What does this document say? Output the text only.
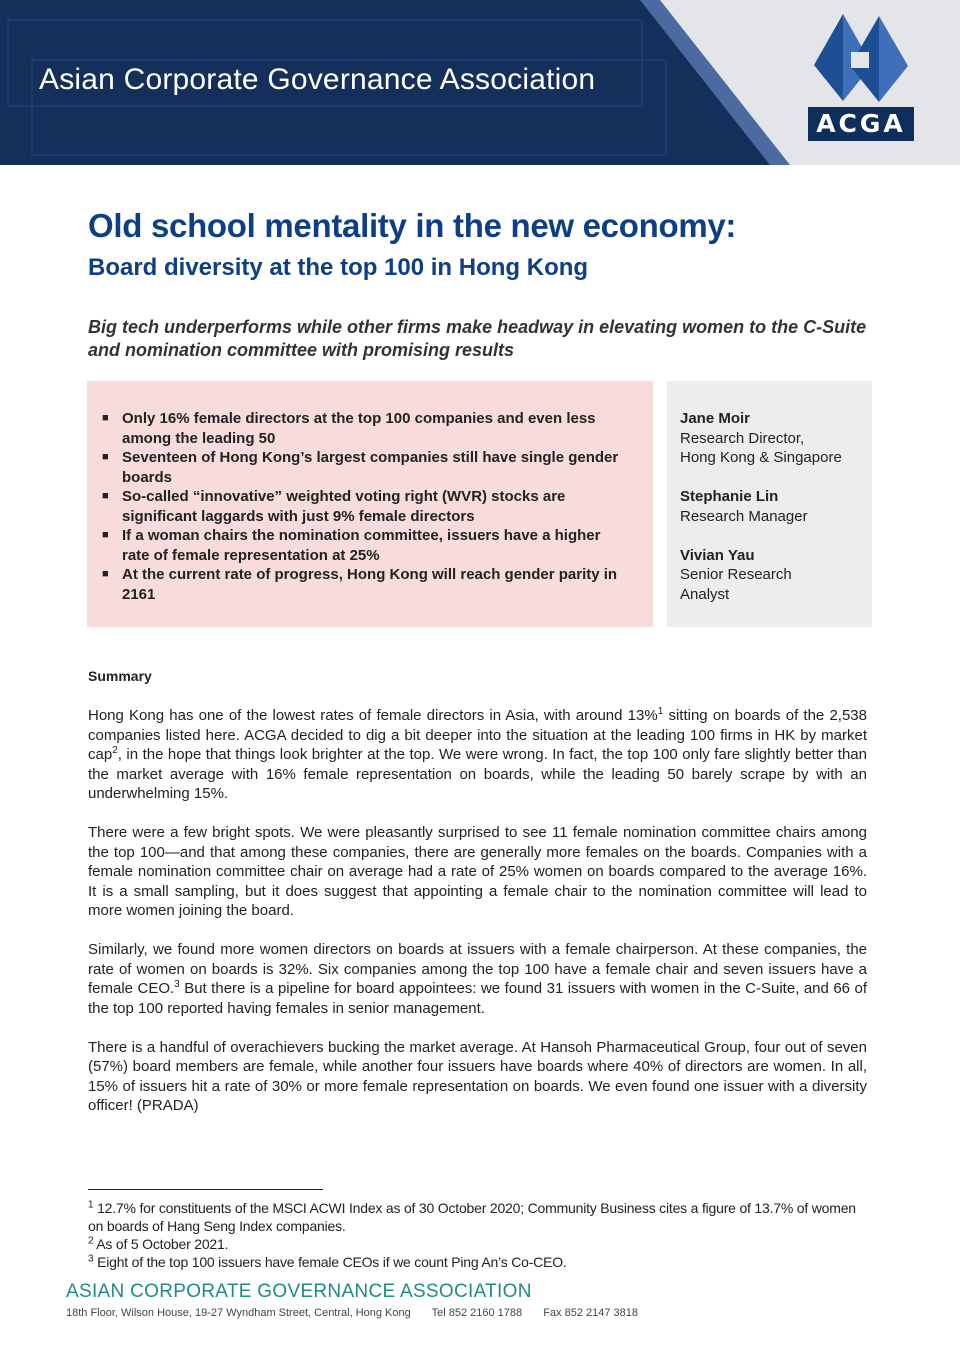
Asian Corporate Governance Association
ACGA
Old school mentality in the new economy:
Board diversity at the top 100 in Hong Kong

Big tech underperforms while other firms make headway in elevating women to the C-Suite and nomination committee with promising results

■ Only 16% female directors at the top 100 companies and even less among the leading 50
■ Seventeen of Hong Kong’s largest companies still have single gender boards
■ So-called “innovative” weighted voting right (WVR) stocks are significant laggards with just 9% female directors
■ If a woman chairs the nomination committee, issuers have a higher rate of female representation at 25%
■ At the current rate of progress, Hong Kong will reach gender parity in 2161
Jane Moir
Research Director,
Hong Kong & Singapore
Stephanie Lin
Research Manager
Vivian Yau
Senior Research
Analyst
Summary

Hong Kong has one of the lowest rates of female directors in Asia, with around 13%$^1$ sitting on boards of the 2,538 companies listed here. ACGA decided to dig a bit deeper into the situation at the leading 100 firms in HK by market cap$^2$, in the hope that things look brighter at the top. We were wrong. In fact, the top 100 only fare slightly better than the market average with 16% female representation on boards, while the leading 50 barely scrape by with an underwhelming 15%.

There were a few bright spots. We were pleasantly surprised to see 11 female nomination committee chairs among the top 100—and that among these companies, there are generally more females on the boards. Companies with a female nomination committee chair on average had a rate of 25% women on boards compared to the average 16%. It is a small sampling, but it does suggest that appointing a female chair to the nomination committee will lead to more women joining the board.

Similarly, we found more women directors on boards at issuers with a female chairperson. At these companies, the rate of women on boards is 32%. Six companies among the top 100 have a female chair and seven issuers have a female CEO.$^3$ But there is a pipeline for board appointees: we found 31 issuers with women in the C-Suite, and 66 of the top 100 reported having females in senior management.

There is a handful of overachievers bucking the market average. At Hansoh Pharmaceutical Group, four out of seven (57%) board members are female, while another four issuers have boards where 40% of directors are women. In all, 15% of issuers hit a rate of 30% or more female representation on boards. We even found one issuer with a diversity officer! (PRADA)

$^1$ 12.7% for constituents of the MSCI ACWI Index as of 30 October 2020; Community Business cites a figure of 13.7% of women on boards of Hang Seng Index companies.
$^2$ As of 5 October 2021.
$^3$ Eight of the top 100 issuers have female CEOs if we count Ping An’s Co-CEO.
ASIAN CORPORATE GOVERNANCE ASSOCIATION
18th Floor, Wilson House, 19-27 Wyndham Street, Central, Hong Kong Tel 852 2160 1788 Fax 852 2147 3818
